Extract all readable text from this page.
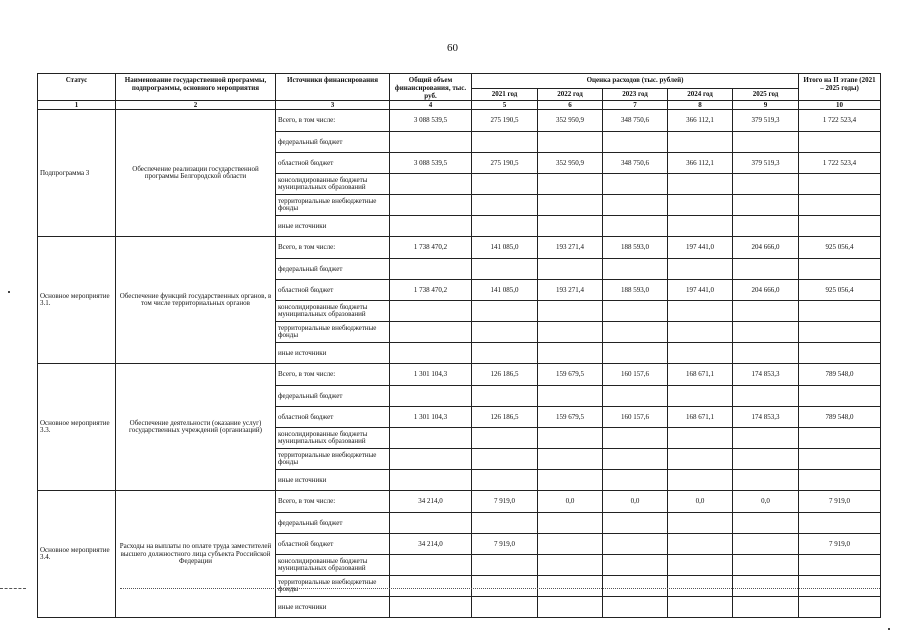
60
Статус	Наименование государственной программы, подпрограммы, основного мероприятия	Источники финансирования	Общий объем финансирования, тыс. руб.	Оценка расходов (тыс. рублей)					Итого на II этапе (2021 – 2025 годы)
				2021 год	2022 год	2023 год	2024 год	2025 год	
1	2	3	4	5	6	7	8	9	10
Подпрограмма 3	Обеспечение реализации государственной программы Белгородской области	Всего, в том числе:	3 088 539,5	275 190,5	352 950,9	348 750,6	366 112,1	379 519,3	1 722 523,4
		федеральный бюджет							
		областной бюджет	3 088 539,5	275 190,5	352 950,9	348 750,6	366 112,1	379 519,3	1 722 523,4
		консолидированные бюджеты муниципальных образований							
		территориальные внебюджетные фонды							
		иные источники							
Основное мероприятие 3.1.	Обеспечение функций государственных органов, в том числе территориальных органов	Всего, в том числе:	1 738 470,2	141 085,0	193 271,4	188 593,0	197 441,0	204 666,0	925 056,4
		федеральный бюджет							
		областной бюджет	1 738 470,2	141 085,0	193 271,4	188 593,0	197 441,0	204 666,0	925 056,4
		консолидированные бюджеты муниципальных образований							
		территориальные внебюджетные фонды							
		иные источники							
Основное мероприятие 3.3.	Обеспечение деятельности (оказание услуг) государственных учреждений (организаций)	Всего, в том числе:	1 301 104,3	126 186,5	159 679,5	160 157,6	168 671,1	174 853,3	789 548,0
		федеральный бюджет							
		областной бюджет	1 301 104,3	126 186,5	159 679,5	160 157,6	168 671,1	174 853,3	789 548,0
		консолидированные бюджеты муниципальных образований							
		территориальные внебюджетные фонды							
		иные источники							
Основное мероприятие 3.4.	Расходы на выплаты по оплате труда заместителей высшего должностного лица субъекта Российской Федерации	Всего, в том числе:	34 214,0	7 919,0	0,0	0,0	0,0	0,0	7 919,0
		федеральный бюджет							
		областной бюджет	34 214,0	7 919,0					7 919,0
		консолидированные бюджеты муниципальных образований							
		территориальные внебюджетные фонды							
		иные источники							
